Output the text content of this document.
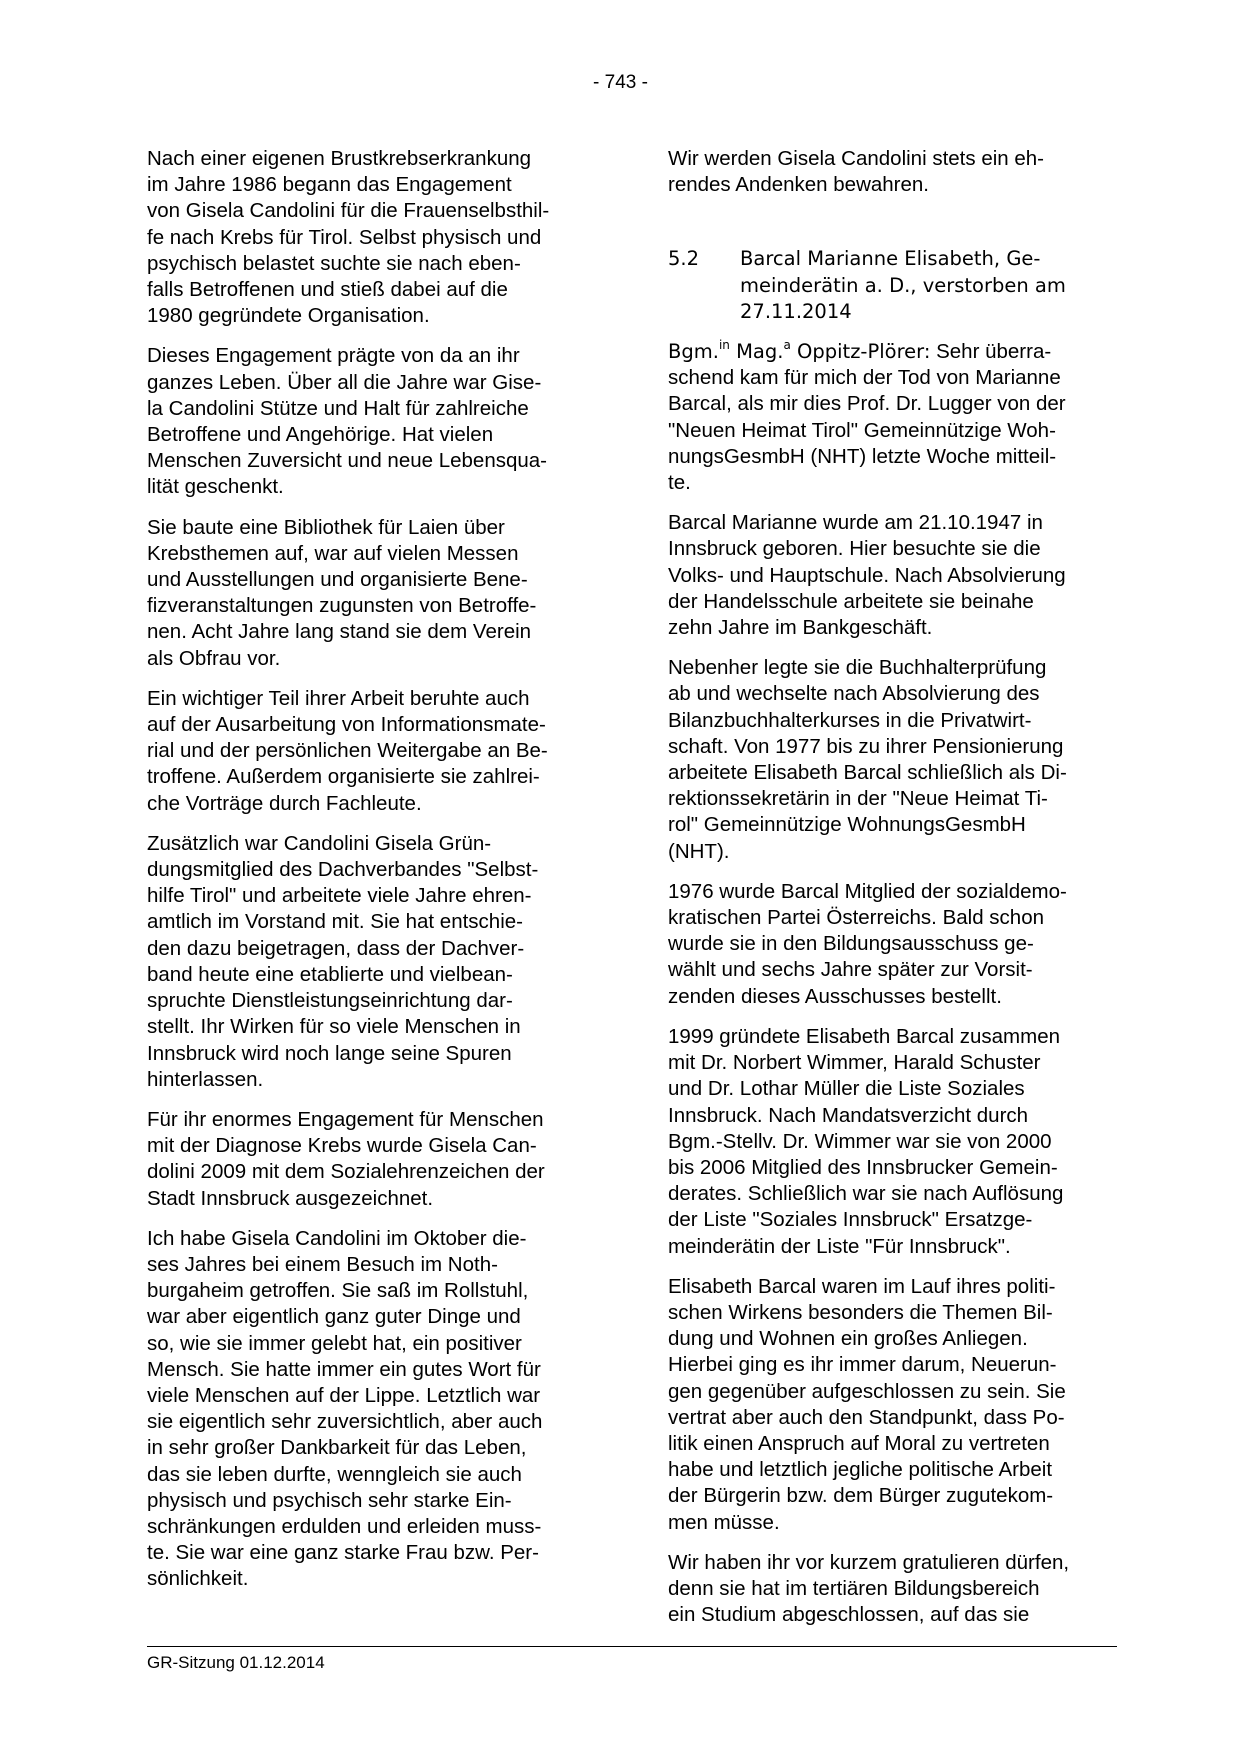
- 743 -

Nach einer eigenen Brustkrebserkrankung
im Jahre 1986 begann das Engagement
von Gisela Candolini für die Frauenselbsthil-
fe nach Krebs für Tirol. Selbst physisch und
psychisch belastet suchte sie nach eben-
falls Betroffenen und stieß dabei auf die
1980 gegründete Organisation.

Dieses Engagement prägte von da an ihr
ganzes Leben. Über all die Jahre war Gise-
la Candolini Stütze und Halt für zahlreiche
Betroffene und Angehörige. Hat vielen
Menschen Zuversicht und neue Lebensqua-
lität geschenkt.

Sie baute eine Bibliothek für Laien über
Krebsthemen auf, war auf vielen Messen
und Ausstellungen und organisierte Bene-
fizveranstaltungen zugunsten von Betroffe-
nen. Acht Jahre lang stand sie dem Verein
als Obfrau vor.

Ein wichtiger Teil ihrer Arbeit beruhte auch
auf der Ausarbeitung von Informationsmate-
rial und der persönlichen Weitergabe an Be-
troffene. Außerdem organisierte sie zahlrei-
che Vorträge durch Fachleute.

Zusätzlich war Candolini Gisela Grün-
dungsmitglied des Dachverbandes "Selbst-
hilfe Tirol" und arbeitete viele Jahre ehren-
amtlich im Vorstand mit. Sie hat entschie-
den dazu beigetragen, dass der Dachver-
band heute eine etablierte und vielbean-
spruchte Dienstleistungseinrichtung dar-
stellt. Ihr Wirken für so viele Menschen in
Innsbruck wird noch lange seine Spuren
hinterlassen.

Für ihr enormes Engagement für Menschen
mit der Diagnose Krebs wurde Gisela Can-
dolini 2009 mit dem Sozialehrenzeichen der
Stadt Innsbruck ausgezeichnet.

Ich habe Gisela Candolini im Oktober die-
ses Jahres bei einem Besuch im Noth-
burgaheim getroffen. Sie saß im Rollstuhl,
war aber eigentlich ganz guter Dinge und
so, wie sie immer gelebt hat, ein positiver
Mensch. Sie hatte immer ein gutes Wort für
viele Menschen auf der Lippe. Letztlich war
sie eigentlich sehr zuversichtlich, aber auch
in sehr großer Dankbarkeit für das Leben,
das sie leben durfte, wenngleich sie auch
physisch und psychisch sehr starke Ein-
schränkungen erdulden und erleiden muss-
te. Sie war eine ganz starke Frau bzw. Per-
sönlichkeit.

Wir werden Gisela Candolini stets ein eh-
rendes Andenken bewahren.

5.2 Barcal Marianne Elisabeth, Ge-
meinderätin a. D., verstorben am
27.11.2014

Bgm.$^{in}$ Mag.$^a$ Oppitz-Plörer: Sehr überra-
schend kam für mich der Tod von Marianne
Barcal, als mir dies Prof. Dr. Lugger von der
"Neuen Heimat Tirol" Gemeinnützige Woh-
nungsGesmbH (NHT) letzte Woche mitteil-
te.

Barcal Marianne wurde am 21.10.1947 in
Innsbruck geboren. Hier besuchte sie die
Volks- und Hauptschule. Nach Absolvierung
der Handelsschule arbeitete sie beinahe
zehn Jahre im Bankgeschäft.

Nebenher legte sie die Buchhalterprüfung
ab und wechselte nach Absolvierung des
Bilanzbuchhalterkurses in die Privatwirt-
schaft. Von 1977 bis zu ihrer Pensionierung
arbeitete Elisabeth Barcal schließlich als Di-
rektionssekretärin in der "Neue Heimat Ti-
rol" Gemeinnützige WohnungsGesmbH
(NHT).

1976 wurde Barcal Mitglied der sozialdemo-
kratischen Partei Österreichs. Bald schon
wurde sie in den Bildungsausschuss ge-
wählt und sechs Jahre später zur Vorsit-
zenden dieses Ausschusses bestellt.

1999 gründete Elisabeth Barcal zusammen
mit Dr. Norbert Wimmer, Harald Schuster
und Dr. Lothar Müller die Liste Soziales
Innsbruck. Nach Mandatsverzicht durch
Bgm.-Stellv. Dr. Wimmer war sie von 2000
bis 2006 Mitglied des Innsbrucker Gemein-
derates. Schließlich war sie nach Auflösung
der Liste "Soziales Innsbruck" Ersatzge-
meinderätin der Liste "Für Innsbruck".

Elisabeth Barcal waren im Lauf ihres politi-
schen Wirkens besonders die Themen Bil-
dung und Wohnen ein großes Anliegen.
Hierbei ging es ihr immer darum, Neuerun-
gen gegenüber aufgeschlossen zu sein. Sie
vertrat aber auch den Standpunkt, dass Po-
litik einen Anspruch auf Moral zu vertreten
habe und letztlich jegliche politische Arbeit
der Bürgerin bzw. dem Bürger zugutekom-
men müsse.

Wir haben ihr vor kurzem gratulieren dürfen,
denn sie hat im tertiären Bildungsbereich
ein Studium abgeschlossen, auf das sie

GR-Sitzung 01.12.2014
